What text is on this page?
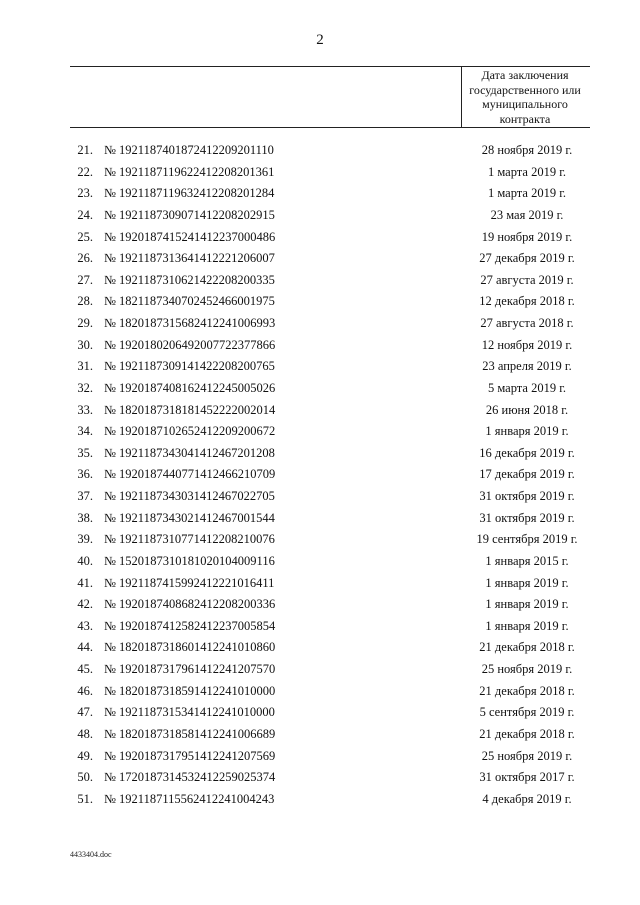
2
Дата заключения государственного или муниципального контракта
21. № 1921187401872412209201110	28 ноября 2019 г.
22. № 1921187119622412208201361	1 марта 2019 г.
23. № 1921187119632412208201284	1 марта 2019 г.
24. № 1921187309071412208202915	23 мая 2019 г.
25. № 1920187415241412237000486	19 ноября 2019 г.
26. № 1921187313641412221206007	27 декабря 2019 г.
27. № 1921187310621422208200335	27 августа 2019 г.
28. № 1821187340702452466001975	12 декабря 2018 г.
29. № 1820187315682412241006993	27 августа 2018 г.
30. № 1920180206492007722377866	12 ноября 2019 г.
31. № 1921187309141422208200765	23 апреля 2019 г.
32. № 1920187408162412245005026	5 марта 2019 г.
33. № 1820187318181452222002014	26 июня 2018 г.
34. № 1920187102652412209200672	1 января 2019 г.
35. № 1921187343041412467201208	16 декабря 2019 г.
36. № 1920187440771412466210709	17 декабря 2019 г.
37. № 1921187343031412467022705	31 октября 2019 г.
38. № 1921187343021412467001544	31 октября 2019 г.
39. № 1921187310771412208210076	19 сентября 2019 г.
40. № 1520187310181020104009116	1 января 2015 г.
41. № 1921187415992412221016411	1 января 2019 г.
42. № 1920187408682412208200336	1 января 2019 г.
43. № 1920187412582412237005854	1 января 2019 г.
44. № 1820187318601412241010860	21 декабря 2018 г.
45. № 1920187317961412241207570	25 ноября 2019 г.
46. № 1820187318591412241010000	21 декабря 2018 г.
47. № 1921187315341412241010000	5 сентября 2019 г.
48. № 1820187318581412241006689	21 декабря 2018 г.
49. № 1920187317951412241207569	25 ноября 2019 г.
50. № 1720187314532412259025374	31 октября 2017 г.
51. № 1921187115562412241004243	4 декабря 2019 г.
4433404.doc
